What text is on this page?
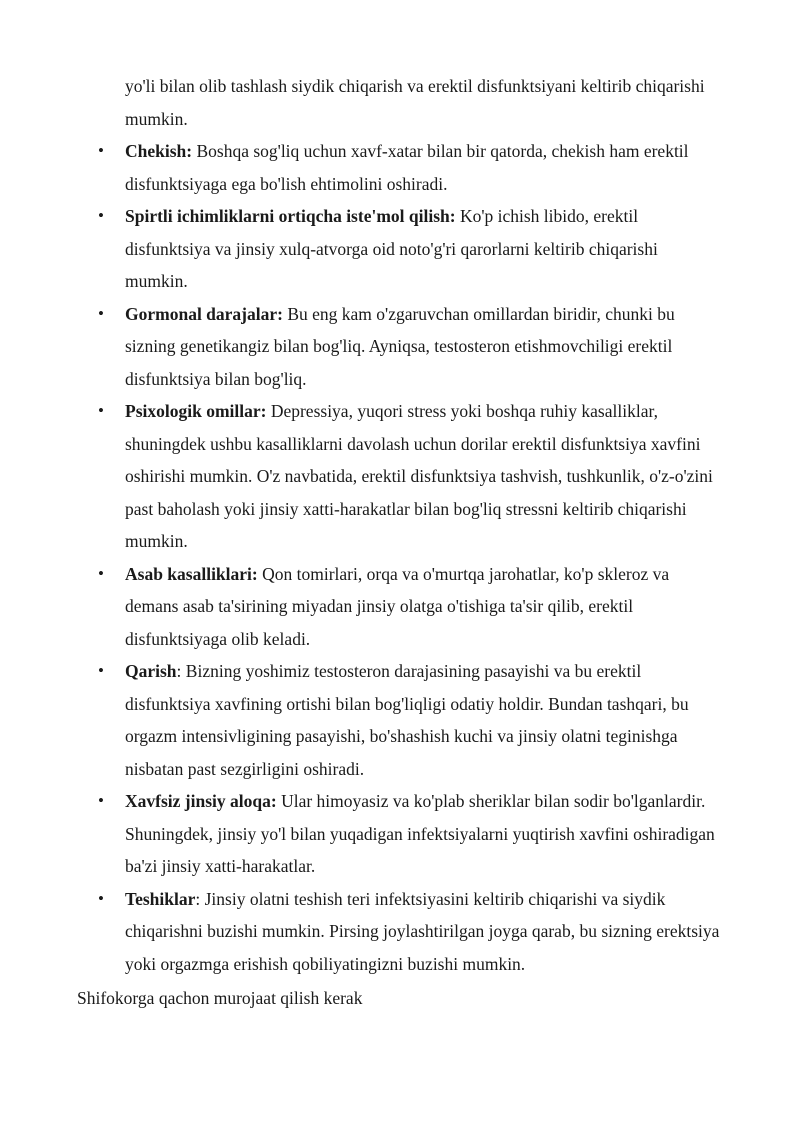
yo'li bilan olib tashlash siydik chiqarish va erektil disfunktsiyani keltirib chiqarishi mumkin.

• Chekish: Boshqa sog'liq uchun xavf-xatar bilan bir qatorda, chekish ham erektil disfunktsiyaga ega bo'lish ehtimolini oshiradi.
• Spirtli ichimliklarni ortiqcha iste'mol qilish: Ko'p ichish libido, erektil disfunktsiya va jinsiy xulq-atvorga oid noto'g'ri qarorlarni keltirib chiqarishi mumkin.
• Gormonal darajalar: Bu eng kam o'zgaruvchan omillardan biridir, chunki bu sizning genetikangiz bilan bog'liq. Ayniqsa, testosteron etishmovchiligi erektil disfunktsiya bilan bog'liq.
• Psixologik omillar: Depressiya, yuqori stress yoki boshqa ruhiy kasalliklar, shuningdek ushbu kasalliklarni davolash uchun dorilar erektil disfunktsiya xavfini oshirishi mumkin. O'z navbatida, erektil disfunktsiya tashvish, tushkunlik, o'z-o'zini past baholash yoki jinsiy xatti-harakatlar bilan bog'liq stressni keltirib chiqarishi mumkin.
• Asab kasalliklari: Qon tomirlari, orqa va o'murtqa jarohatlar, ko'p skleroz va demans asab ta'sirining miyadan jinsiy olatga o'tishiga ta'sir qilib, erektil disfunktsiyaga olib keladi.
• Qarish: Bizning yoshimiz testosteron darajasining pasayishi va bu erektil disfunktsiya xavfining ortishi bilan bog'liqligi odatiy holdir. Bundan tashqari, bu orgazm intensivligining pasayishi, bo'shashish kuchi va jinsiy olatni teginishga nisbatan past sezgirligini oshiradi.
• Xavfsiz jinsiy aloqa: Ular himoyasiz va ko'plab sheriklar bilan sodir bo'lganlardir. Shuningdek, jinsiy yo'l bilan yuqadigan infektsiyalarni yuqtirish xavfini oshiradigan ba'zi jinsiy xatti-harakatlar.
• Teshiklar: Jinsiy olatni teshish teri infektsiyasini keltirib chiqarishi va siydik chiqarishni buzishi mumkin. Pirsing joylashtirilgan joyga qarab, bu sizning erektsiya yoki orgazmga erishish qobiliyatingizni buzishi mumkin.

Shifokorga qachon murojaat qilish kerak
